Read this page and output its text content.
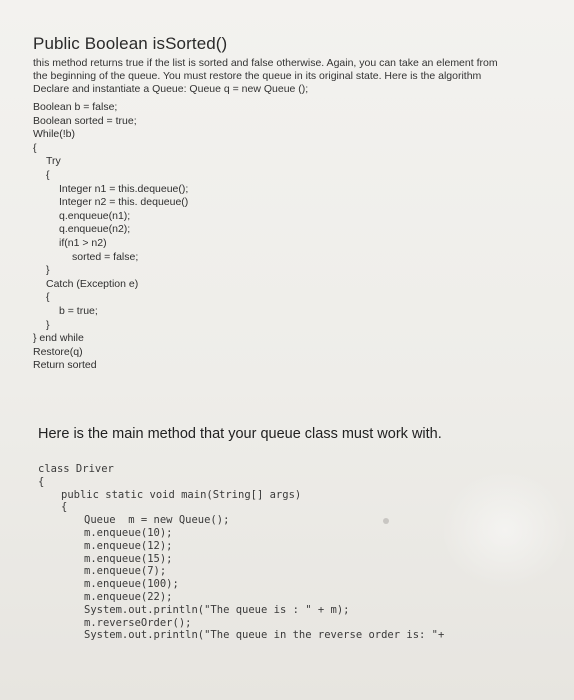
Public Boolean isSorted()
this method returns true if the list is sorted and false otherwise. Again, you can take an element from
the beginning of the queue. You must restore the queue in its original state. Here is the algorithm
Declare and instantiate a Queue: Queue q = new Queue ();
Boolean b = false;
Boolean sorted = true;
While(!b)
{
Try
{
Integer n1 = this.dequeue();
Integer n2 = this. dequeue()
q.enqueue(n1);
q.enqueue(n2);
if(n1 > n2)
sorted = false;
}
Catch (Exception e)
{
b = true;
}
} end while
Restore(q)
Return sorted
Here is the main method that your queue class must work with.
class Driver
{
public static void main(String[] args)
{
Queue  m = new Queue();
m.enqueue(10);
m.enqueue(12);
m.enqueue(15);
m.enqueue(7);
m.enqueue(100);
m.enqueue(22);
System.out.println("The queue is : " + m);
m.reverseOrder();
System.out.println("The queue in the reverse order is: "+
